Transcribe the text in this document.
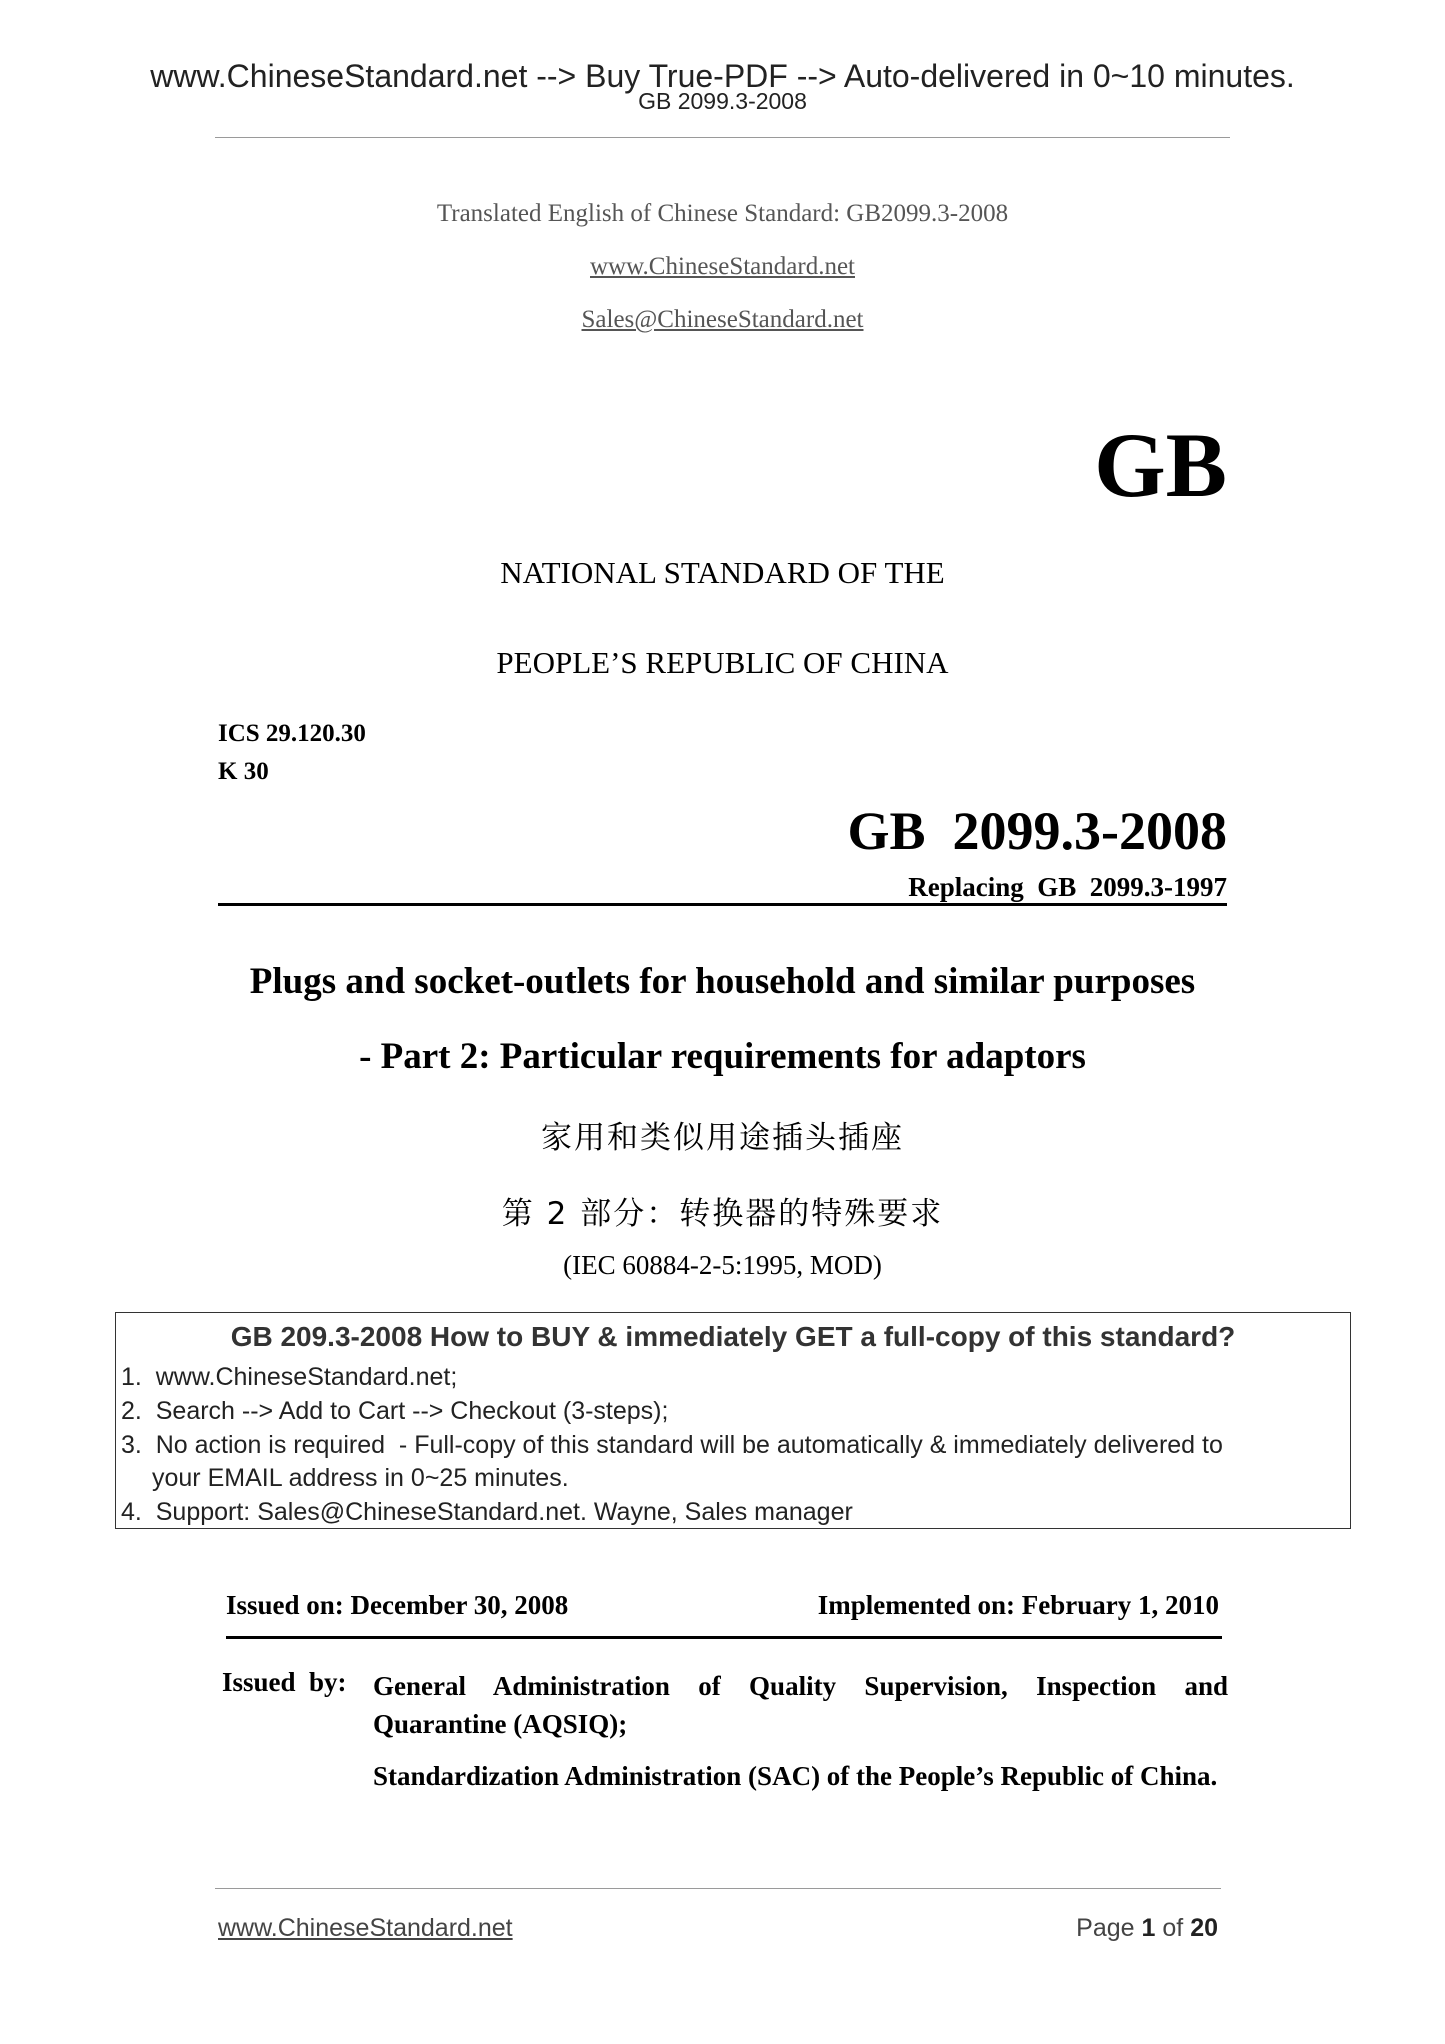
www.ChineseStandard.net --> Buy True-PDF --> Auto-delivered in 0~10 minutes.
GB 2099.3-2008
Translated English of Chinese Standard: GB2099.3-2008
www.ChineseStandard.net
Sales@ChineseStandard.net
GB
NATIONAL STANDARD OF THE
PEOPLE’S REPUBLIC OF CHINA
ICS 29.120.30
K 30
GB  2099.3-2008
Replacing  GB  2099.3-1997
Plugs and socket-outlets for household and similar purposes
- Part 2: Particular requirements for adaptors
家用和类似用途插头插座
第 2 部分：转换器的特殊要求
(IEC 60884-2-5:1995, MOD)
GB 209.3-2008 How to BUY & immediately GET a full-copy of this standard?
1.  www.ChineseStandard.net;
2.  Search --> Add to Cart --> Checkout (3-steps);
3.  No action is required  - Full-copy of this standard will be automatically & immediately delivered to
your EMAIL address in 0~25 minutes.
4.  Support: Sales@ChineseStandard.net. Wayne, Sales manager
Issued on: December 30, 2008	Implemented on: February 1, 2010
Issued  by: General Administration of Quality Supervision, Inspection and Quarantine (AQSIQ);
Standardization Administration (SAC) of the People’s Republic of China.
www.ChineseStandard.net	Page 1 of 20
